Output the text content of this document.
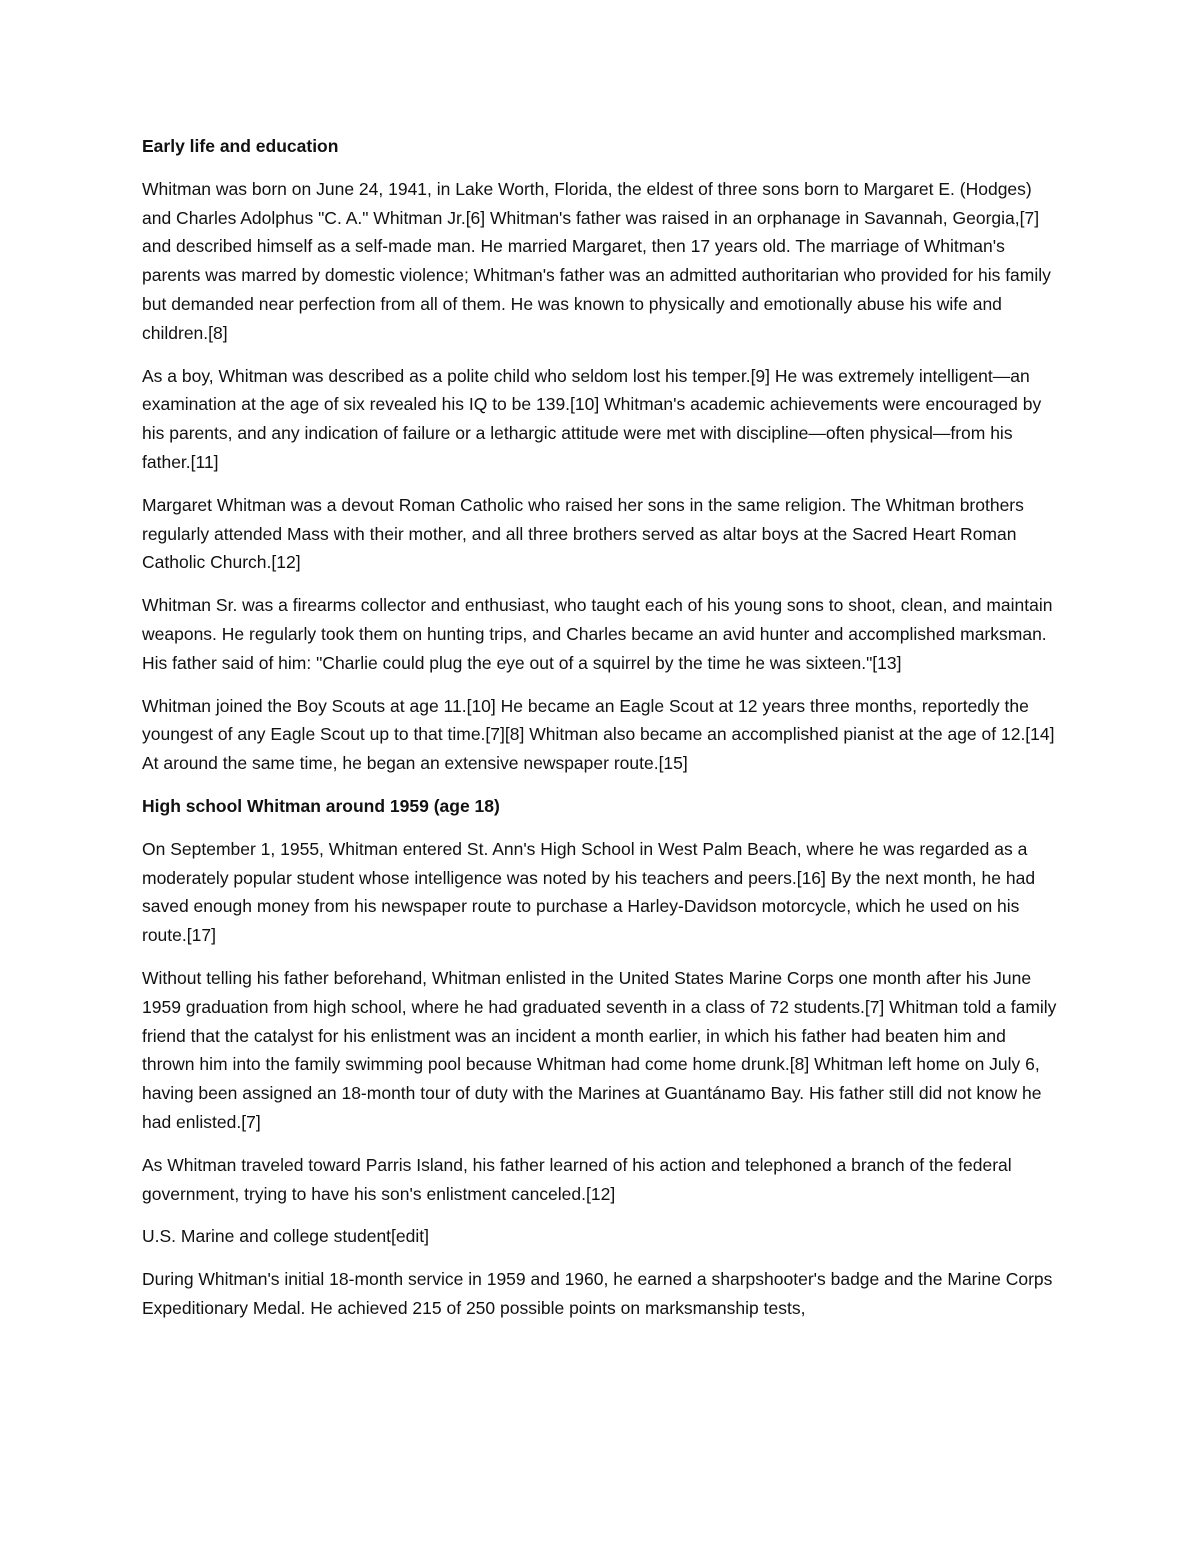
Early life and education

Whitman was born on June 24, 1941, in Lake Worth, Florida, the eldest of three sons born to Margaret E. (Hodges) and Charles Adolphus "C. A." Whitman Jr.[6] Whitman's father was raised in an orphanage in Savannah, Georgia,[7] and described himself as a self-made man. He married Margaret, then 17 years old. The marriage of Whitman's parents was marred by domestic violence; Whitman's father was an admitted authoritarian who provided for his family but demanded near perfection from all of them. He was known to physically and emotionally abuse his wife and children.[8]

As a boy, Whitman was described as a polite child who seldom lost his temper.[9] He was extremely intelligent—an examination at the age of six revealed his IQ to be 139.[10] Whitman's academic achievements were encouraged by his parents, and any indication of failure or a lethargic attitude were met with discipline—often physical—from his father.[11]

Margaret Whitman was a devout Roman Catholic who raised her sons in the same religion. The Whitman brothers regularly attended Mass with their mother, and all three brothers served as altar boys at the Sacred Heart Roman Catholic Church.[12]

Whitman Sr. was a firearms collector and enthusiast, who taught each of his young sons to shoot, clean, and maintain weapons. He regularly took them on hunting trips, and Charles became an avid hunter and accomplished marksman. His father said of him: "Charlie could plug the eye out of a squirrel by the time he was sixteen."[13]

Whitman joined the Boy Scouts at age 11.[10] He became an Eagle Scout at 12 years three months, reportedly the youngest of any Eagle Scout up to that time.[7][8] Whitman also became an accomplished pianist at the age of 12.[14] At around the same time, he began an extensive newspaper route.[15]

High school Whitman around 1959 (age 18)

On September 1, 1955, Whitman entered St. Ann's High School in West Palm Beach, where he was regarded as a moderately popular student whose intelligence was noted by his teachers and peers.[16] By the next month, he had saved enough money from his newspaper route to purchase a Harley-Davidson motorcycle, which he used on his route.[17]

Without telling his father beforehand, Whitman enlisted in the United States Marine Corps one month after his June 1959 graduation from high school, where he had graduated seventh in a class of 72 students.[7] Whitman told a family friend that the catalyst for his enlistment was an incident a month earlier, in which his father had beaten him and thrown him into the family swimming pool because Whitman had come home drunk.[8] Whitman left home on July 6, having been assigned an 18-month tour of duty with the Marines at Guantánamo Bay. His father still did not know he had enlisted.[7]

As Whitman traveled toward Parris Island, his father learned of his action and telephoned a branch of the federal government, trying to have his son's enlistment canceled.[12]

U.S. Marine and college student[edit]

During Whitman's initial 18-month service in 1959 and 1960, he earned a sharpshooter's badge and the Marine Corps Expeditionary Medal. He achieved 215 of 250 possible points on marksmanship tests,
